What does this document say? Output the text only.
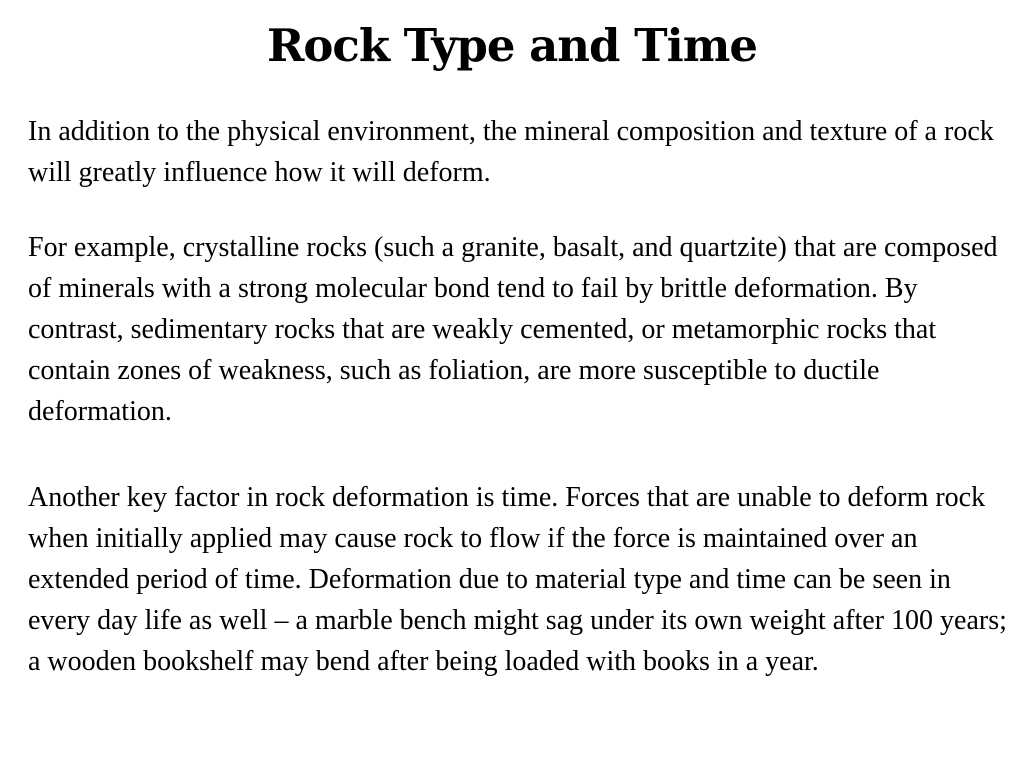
Rock Type and Time

In addition to the physical environment, the mineral composition and texture of a rock will greatly influence how it will deform.

For example, crystalline rocks (such a granite, basalt, and quartzite) that are composed of minerals with a strong molecular bond tend to fail by brittle deformation. By contrast, sedimentary rocks that are weakly cemented, or metamorphic rocks that contain zones of weakness, such as foliation, are more susceptible to ductile deformation.

Another key factor in rock deformation is time. Forces that are unable to deform rock when initially applied may cause rock to flow if the force is maintained over an extended period of time. Deformation due to material type and time can be seen in every day life as well – a marble bench might sag under its own weight after 100 years; a wooden bookshelf may bend after being loaded with books in a year.
